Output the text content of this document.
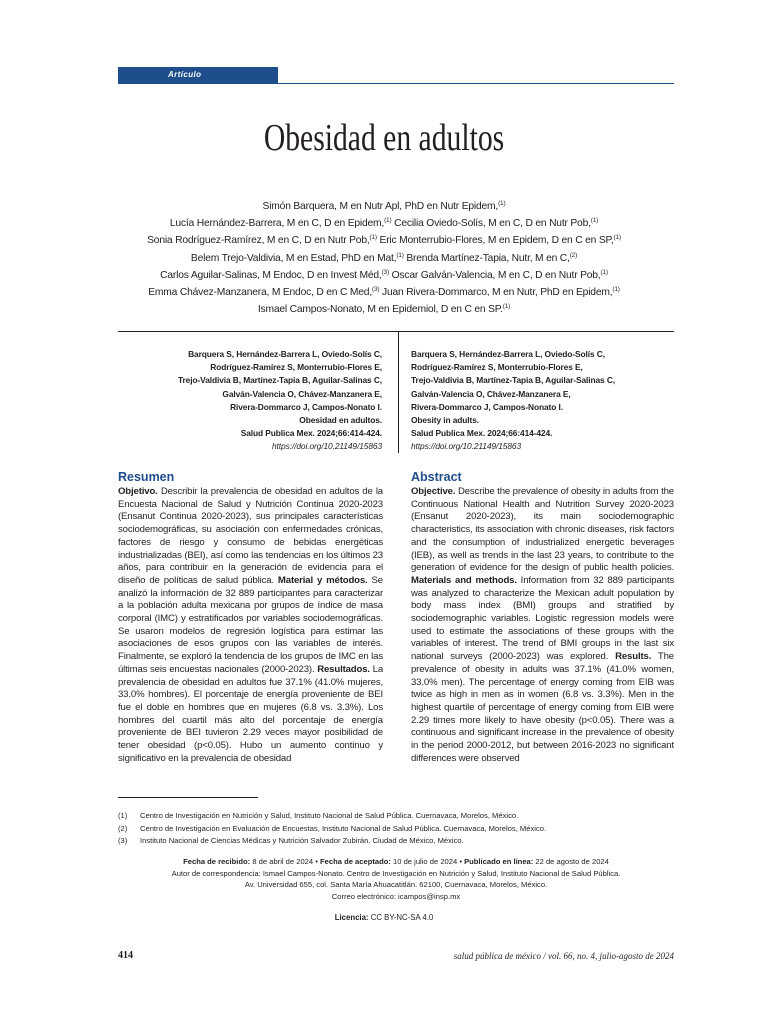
Artículo
Obesidad en adultos
Simón Barquera, M en Nutr Apl, PhD en Nutr Epidem,$^{(1)}$
Lucía Hernández-Barrera, M en C, D en Epidem,$^{(1)}$ Cecilia Oviedo-Solís, M en C, D en Nutr Pob,$^{(1)}$
Sonia Rodríguez-Ramírez, M en C, D en Nutr Pob,$^{(1)}$ Eric Monterrubio-Flores, M en Epidem, D en C en SP,$^{(1)}$
Belem Trejo-Valdivia, M en Estad, PhD en Mat,$^{(1)}$ Brenda Martínez-Tapia, Nutr, M en C,$^{(2)}$
Carlos Aguilar-Salinas, M Endoc, D en Invest Méd,$^{(3)}$ Oscar Galván-Valencia, M en C, D en Nutr Pob,$^{(1)}$
Emma Chávez-Manzanera, M Endoc, D en C Med,$^{(3)}$ Juan Rivera-Dommarco, M en Nutr, PhD en Epidem,$^{(1)}$
Ismael Campos-Nonato, M en Epidemiol, D en C en SP.$^{(1)}$
Barquera S, Hernández-Barrera L, Oviedo-Solís C,
Rodríguez-Ramírez S, Monterrubio-Flores E,
Trejo-Valdivia B, Martínez-Tapia B, Aguilar-Salinas C,
Galván-Valencia O, Chávez-Manzanera E,
Rivera-Dommarco J, Campos-Nonato I.
Obesidad en adultos.
Salud Publica Mex. 2024;66:414-424.
https://doi.org/10.21149/15863
Barquera S, Hernández-Barrera L, Oviedo-Solís C,
Rodríguez-Ramírez S, Monterrubio-Flores E,
Trejo-Valdivia B, Martínez-Tapia B, Aguilar-Salinas C,
Galván-Valencia O, Chávez-Manzanera E,
Rivera-Dommarco J, Campos-Nonato I.
Obesity in adults.
Salud Publica Mex. 2024;66:414-424.
https://doi.org/10.21149/15863
Resumen	Abstract
Objetivo. Describir la prevalencia de obesidad en adultos de la Encuesta Nacional de Salud y Nutrición Continua 2020-2023 (Ensanut Continua 2020-2023), sus principales características sociodemográficas, su asociación con enfermedades crónicas, factores de riesgo y consumo de bebidas energéticas industrializadas (BEI), así como las tendencias en los últimos 23 años, para contribuir en la generación de evidencia para el diseño de políticas de salud pública. Material y métodos. Se analizó la información de 32 889 participantes para caracterizar a la población adulta mexicana por grupos de índice de masa corporal (IMC) y estratificados por variables sociodemográficas. Se usaron modelos de regresión logística para estimar las asociaciones de esos grupos con las variables de interés. Finalmente, se exploró la tendencia de los grupos de IMC en las últimas seis encuestas nacionales (2000-2023). Resultados. La prevalencia de obesidad en adultos fue 37.1% (41.0% mujeres, 33.0% hombres). El porcentaje de energía proveniente de BEI fue el doble en hombres que en mujeres (6.8 vs. 3.3%). Los hombres del cuartil más alto del porcentaje de energía proveniente de BEI tuvieron 2.29 veces mayor posibilidad de tener obesidad (p<0.05). Hubo un aumento continuo y significativo en la prevalencia de obesidad
Objective. Describe the prevalence of obesity in adults from the Continuous National Health and Nutrition Survey 2020-2023 (Ensanut 2020-2023), its main sociodemographic characteristics, its association with chronic diseases, risk factors and the consumption of industrialized energetic beverages (IEB), as well as trends in the last 23 years, to contribute to the generation of evidence for the design of public health policies. Materials and methods. Information from 32 889 participants was analyzed to characterize the Mexican adult population by body mass index (BMI) groups and stratified by sociodemographic variables. Logistic regression models were used to estimate the associations of these groups with the variables of interest. The trend of BMI groups in the last six national surveys (2000-2023) was explored. Results. The prevalence of obesity in adults was 37.1% (41.0% women, 33.0% men). The percentage of energy coming from EIB was twice as high in men as in women (6.8 vs. 3.3%). Men in the highest quartile of percentage of energy coming from EIB were 2.29 times more likely to have obesity (p<0.05). There was a continuous and significant increase in the prevalence of obesity in the period 2000-2012, but between 2016-2023 no significant differences were observed
(1)	Centro de Investigación en Nutrición y Salud, Instituto Nacional de Salud Pública. Cuernavaca, Morelos, México.
(2)	Centro de Investigación en Evaluación de Encuestas, Instituto Nacional de Salud Pública. Cuernavaca, Morelos, México.
(3)	Instituto Nacional de Ciencias Médicas y Nutrición Salvador Zubirán. Ciudad de México, México.
Fecha de recibido: 8 de abril de 2024 • Fecha de aceptado: 10 de julio de 2024 • Publicado en línea: 22 de agosto de 2024
Autor de correspondencia: Ismael Campos-Nonato. Centro de Investigación en Nutrición y Salud, Instituto Nacional de Salud Pública.
Av. Universidad 655, col. Santa María Ahuacatitlán. 62100, Cuernavaca, Morelos, México.
Correo electrónico: icampos@insp.mx
Licencia: CC BY-NC-SA 4.0
414	salud pública de méxico / vol. 66, no. 4, julio-agosto de 2024
